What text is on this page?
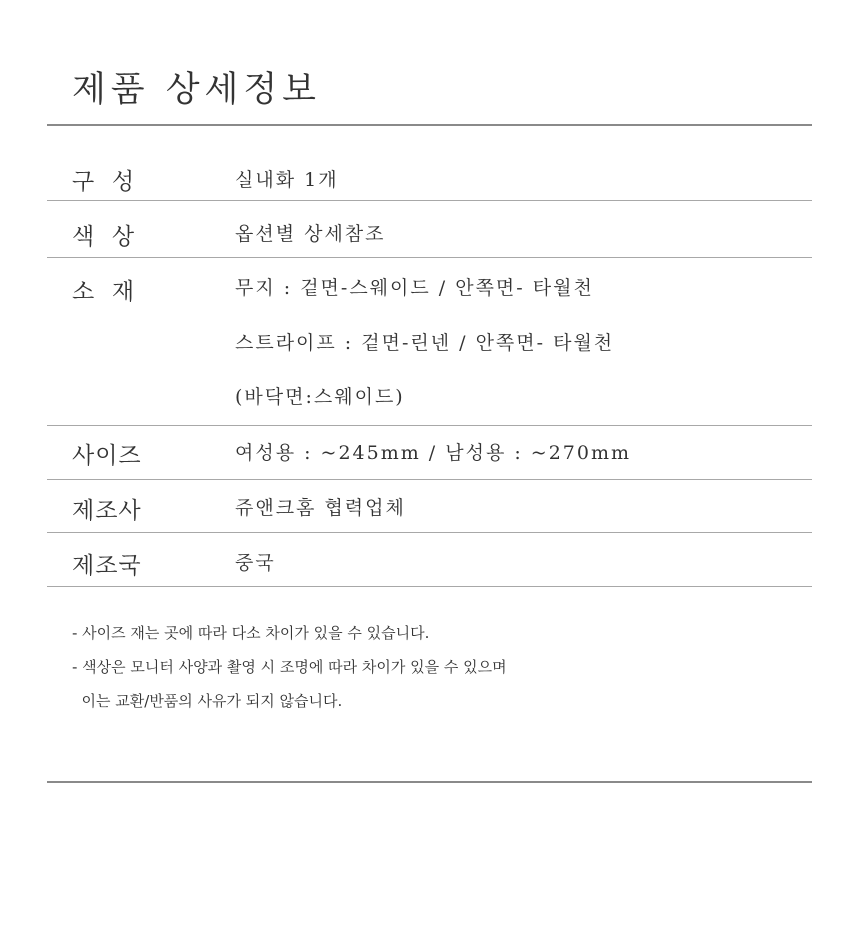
제품 상세정보
구  성	실내화 1개
색  상	옵션별 상세참조
소  재	무지 : 겉면-스웨이드 / 안쪽면- 타월천
스트라이프 : 겉면-린넨 / 안쪽면- 타월천
(바닥면:스웨이드)
사이즈	여성용 : ~245mm / 남성용 : ~270mm
제조사	쥬앤크홈 협력업체
제조국	중국
- 사이즈 재는 곳에 따라 다소 차이가 있을 수 있습니다.
- 색상은 모니터 사양과 촬영 시 조명에 따라 차이가 있을 수 있으며
이는 교환/반품의 사유가 되지 않습니다.
